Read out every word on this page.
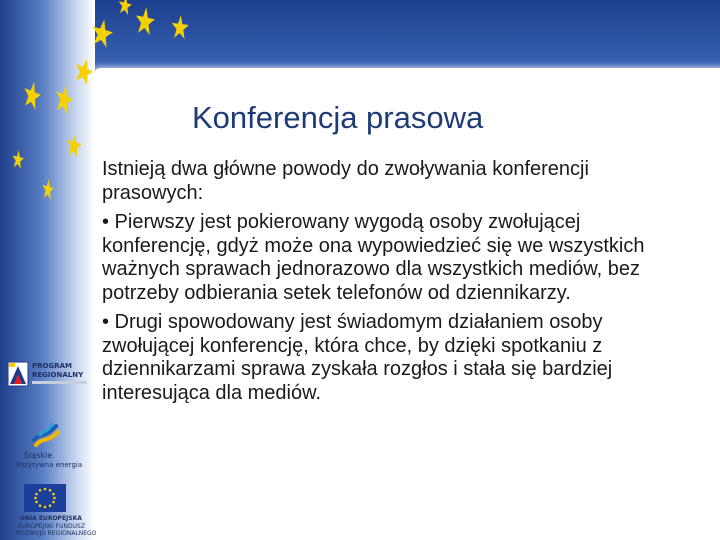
Konferencja prasowa

Istnieją dwa główne powody do zwoływania konferencji prasowych:

• Pierwszy jest pokierowany wygodą osoby zwołującej konferencję, gdyż może ona wypowiedzieć się we wszystkich ważnych sprawach jednorazowo dla wszystkich mediów, bez potrzeby odbierania setek telefonów od dziennikarzy.

• Drugi spowodowany jest świadomym działaniem osoby zwołującej konferencję, która chce, by dzięki spotkaniu z dziennikarzami sprawa zyskała rozgłos i stała się bardziej interesująca dla mediów.

PROGRAM
REGIONALNY
Śląskie.
Pozytywna energia
UNIA EUROPEJSKA
EUROPEJSKI FUNDUSZ
ROZWOJU REGIONALNEGO
